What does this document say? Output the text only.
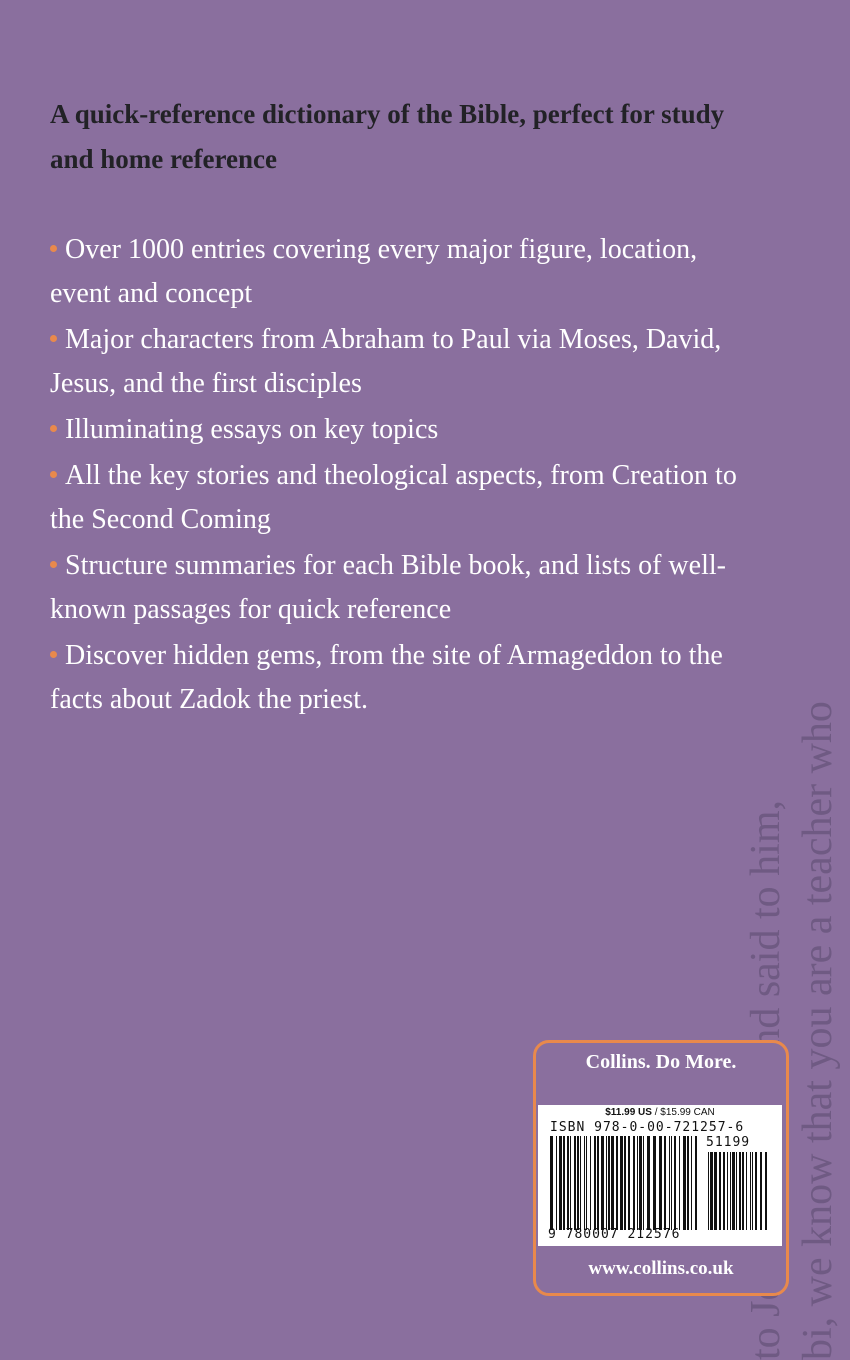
bi, we know that you are a teacher who
A quick-reference dictionary of the Bible, perfect for study and home reference
Over 1000 entries covering every major figure, location, event and concept
Major characters from Abraham to Paul via Moses, David, Jesus, and the first disciples
Illuminating essays on key topics
All the key stories and theological aspects, from Creation to the Second Coming
Structure summaries for each Bible book, and lists of well-known passages for quick reference
Discover hidden gems, from the site of Armageddon to the facts about Zadok the priest.
Collins. Do More.
$11.99 US / $15.99 CAN
ISBN 978-0-00-721257-6
51199
9 780007 212576
www.collins.co.uk
